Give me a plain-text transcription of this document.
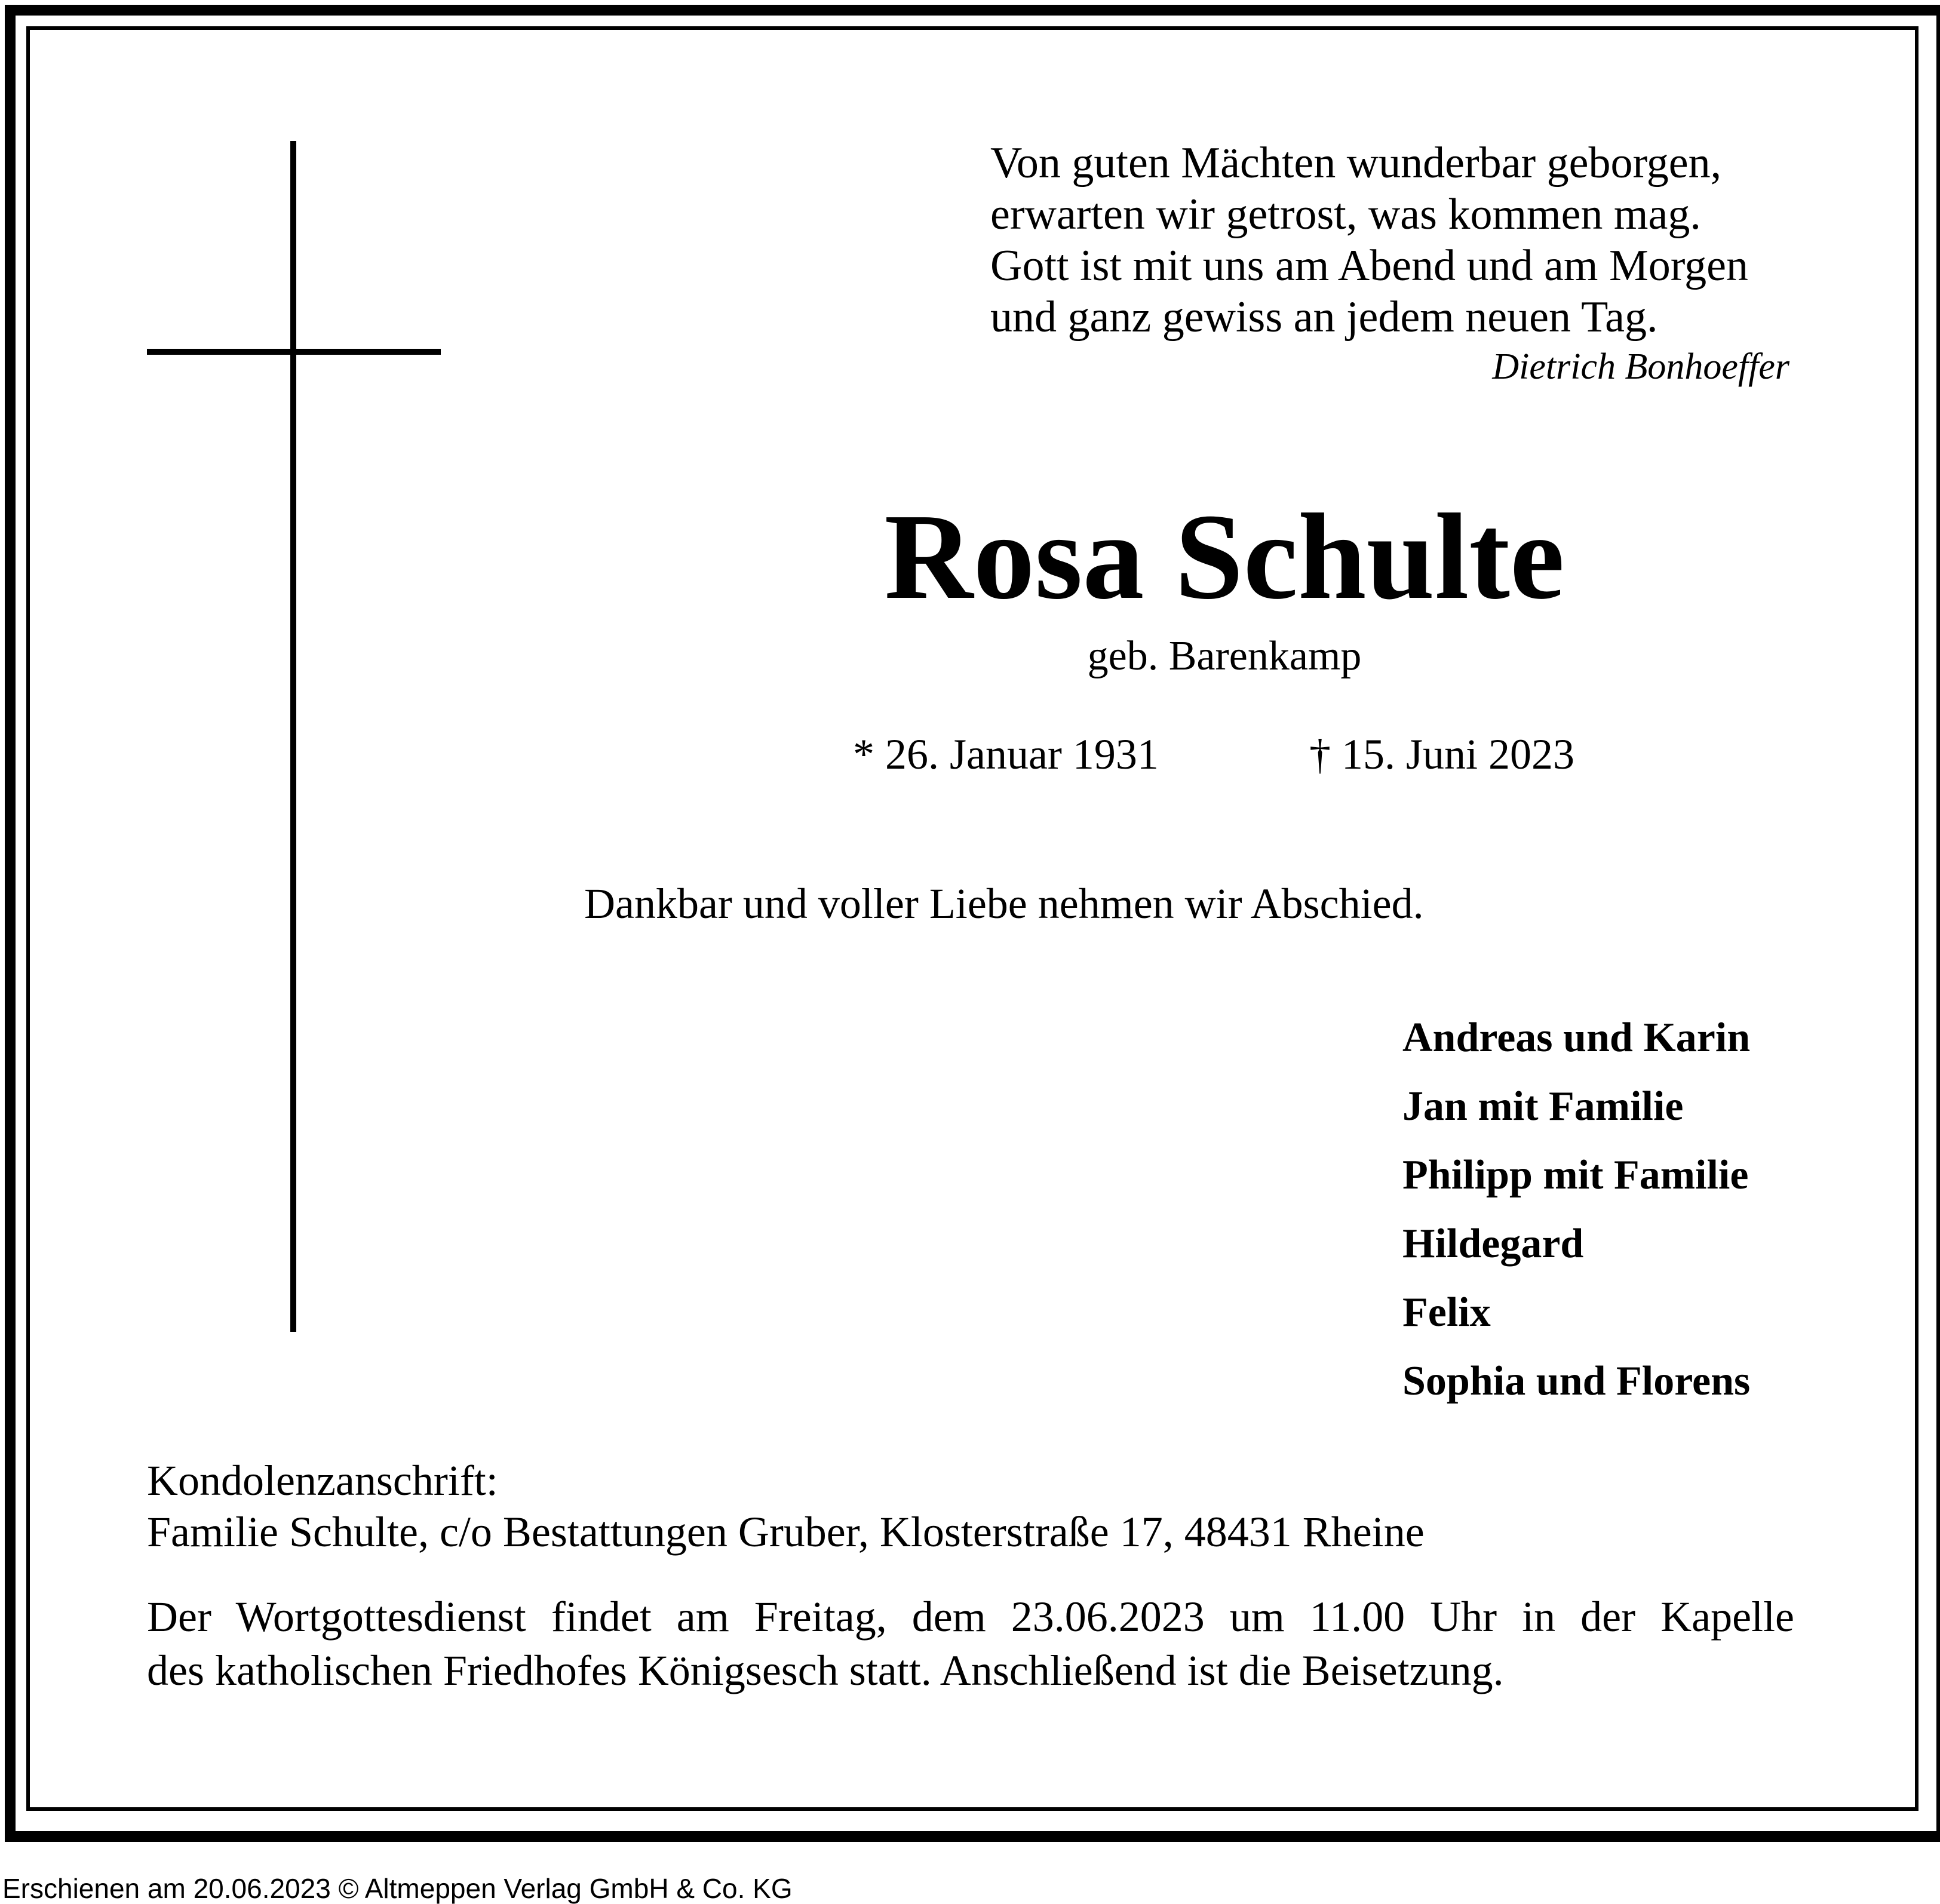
Von guten Mächten wunderbar geborgen,
erwarten wir getrost, was kommen mag.
Gott ist mit uns am Abend und am Morgen
und ganz gewiss an jedem neuen Tag.
Dietrich Bonhoeffer
Rosa Schulte
geb. Barenkamp
* 26. Januar 1931	† 15. Juni 2023
Dankbar und voller Liebe nehmen wir Abschied.
Andreas und Karin
Jan mit Familie
Philipp mit Familie
Hildegard
Felix
Sophia und Florens
Kondolenzanschrift:
Familie Schulte, c/o Bestattungen Gruber, Klosterstraße 17, 48431 Rheine
Der Wortgottesdienst findet am Freitag, dem 23.06.2023 um 11.00 Uhr in der Kapelle
des katholischen Friedhofes Königsesch statt. Anschließend ist die Beisetzung.
Erschienen am 20.06.2023 © Altmeppen Verlag GmbH & Co. KG
